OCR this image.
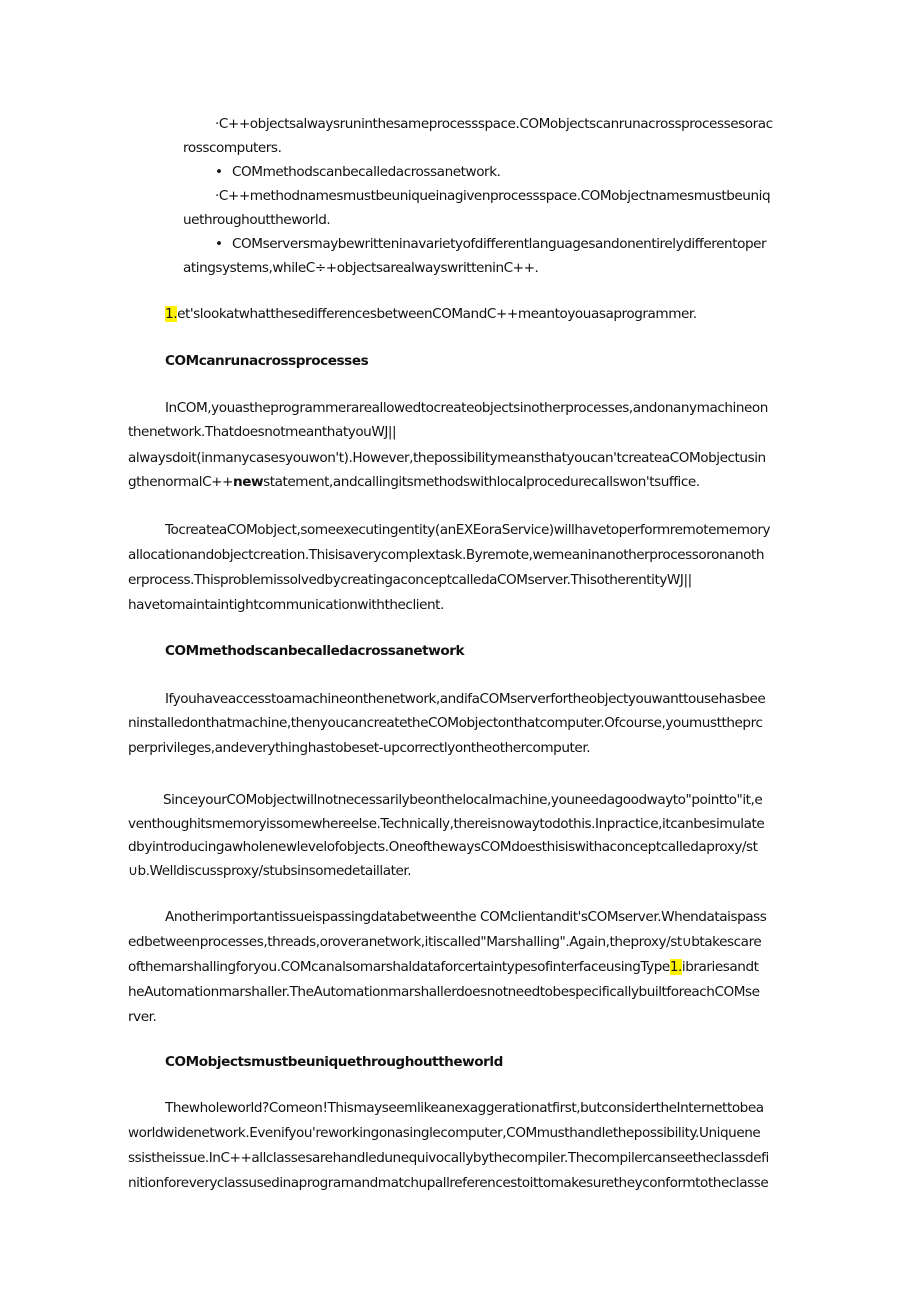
·C++objectsalwaysruninthesameprocessspace.COMobjectscanrunacrossprocessesorac
rosscomputers.
• COMmethodscanbecalledacrossanetwork.
·C++methodnamesmustbeuniqueinagivenprocessspace.COMobjectnamesmustbeuniq
uethroughouttheworld.
• COMserversmaybewritteninavarietyofdifferentlanguagesandonentirelydifferentoper
atingsystems,whileC÷+objectsarealwayswritteninC++.
1.et'slookatwhatthesedifferencesbetweenCOMandC++meantoyouasaprogrammer.
COMcanrunacrossprocesses
InCOM,youastheprogrammerareallowedtocreateobjectsinotherprocesses,andonanymachineon
thenetwork.ThatdoesnotmeanthatyouWJ||
alwaysdoit(inmanycasesyouwon't).However,thepossibilitymeansthatyoucan'tcreateaCOMobjectusin
gthenormalC++newstatement,andcallingitsmethodswithlocalprocedurecallswon'tsuffice.
TocreateaCOMobject,someexecutingentity(anEXEoraService)willhavetoperformremotememory
allocationandobjectcreation.Thisisaverycomplextask.Byremote,wemeaninanotherprocessoronanoth
erprocess.ThisproblemissolvedbycreatingaconceptcalledaCOMserver.ThisotherentityWJ||
havetomaintaintightcommunicationwiththeclient.
COMmethodscanbecalledacrossanetwork
Ifyouhaveaccesstoamachineonthenetwork,andifaCOMserverfortheobjectyouwanttousehasbee
ninstalledonthatmachine,thenyoucancreatetheCOMobjectonthatcomputer.Ofcourse,youmusttheprc
perprivileges,andeverythinghastobeset-upcorrectlyontheothercomputer.
SinceyourCOMobjectwillnotnecessarilybeonthelocalmachine,youneedagoodwayto"pointto"it,e
venthoughitsmemoryissomewhereelse.Technically,thereisnowaytodothis.Inpractice,itcanbesimulate
dbyintroducingawholenewlevelofobjects.OneofthewaysCOMdoesthisiswithaconceptcalledaproxy∕st
∪b.Welldiscussproxy/stubsinsomedetaillater.
Anotherimportantissueispassingdatabetweenthe COMclientandit'sCOMserver.Whendataispass
edbetweenprocesses,threads,oroveranetwork,itiscalled"Marshalling".Again,theproxy∕st∪btakescare
ofthemarshallingforyou.COMcanalsomarshaldataforcertaintypesofinterfaceusingType1.ibrariesandt
heAutomationmarshaller.TheAutomationmarshallerdoesnotneedtobespecificallybuiltforeachCOMse
rver.
COMobjectsmustbeuniquethroughouttheworld
Thewholeworld?Comeon!Thismayseemlikeanexaggerationatfirst,butconsidertheInternettobea
worldwidenetwork.Evenifyou'reworkingonasinglecomputer,COMmusthandlethepossibility.Uniquene
ssistheissue.InC++allclassesarehandledunequivocallybythecompiler.Thecompilercanseetheclassdefi
nitionforeveryclassusedinaprogramandmatchupallreferencestoittomakesuretheyconformtotheclasse
